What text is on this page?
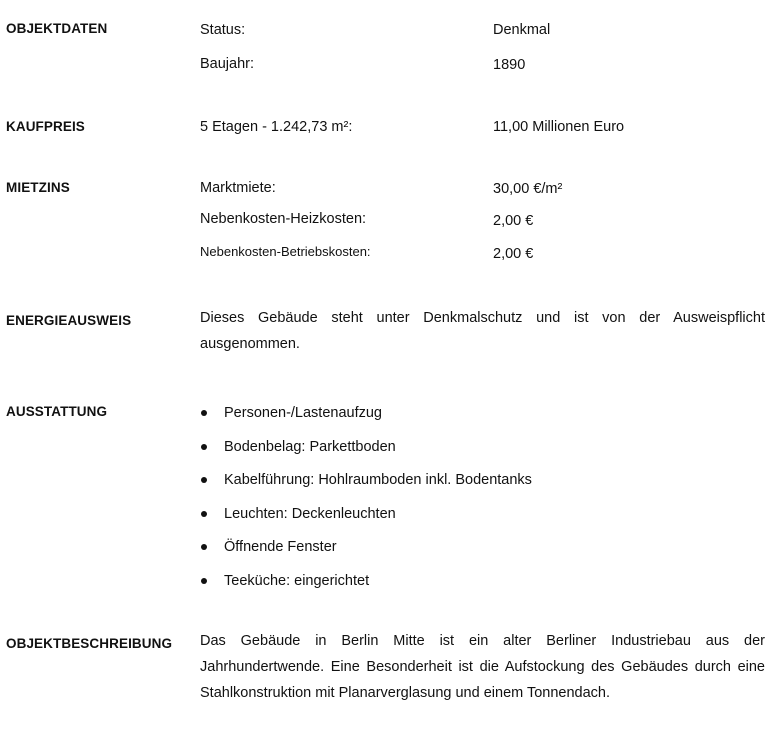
OBJEKTDATEN	Status:	Denkmal
Baujahr:	1890
KAUFPREIS	5 Etagen - 1.242,73 m²:	11,00 Millionen Euro
MIETZINS	Marktmiete:	30,00 €/m²
Nebenkosten-Heizkosten:	2,00 €
Nebenkosten-Betriebskosten:	2,00 €
ENERGIEAUSWEIS	Dieses Gebäude steht unter Denkmalschutz und ist von der Ausweispflicht ausgenommen.
AUSSTATTUNG	Personen-/Lastenaufzug
Bodenbelag: Parkettboden
Kabelführung: Hohlraumboden inkl. Bodentanks
Leuchten: Deckenleuchten
Öffnende Fenster
Teeküche: eingerichtet
OBJEKTBESCHREIBUNG Das Gebäude in Berlin Mitte ist ein alter Berliner Industriebau aus der Jahrhundertwende. Eine Besonderheit ist die Aufstockung des Gebäudes durch eine Stahlkonstruktion mit Planarverglasung und einem Tonnendach.
